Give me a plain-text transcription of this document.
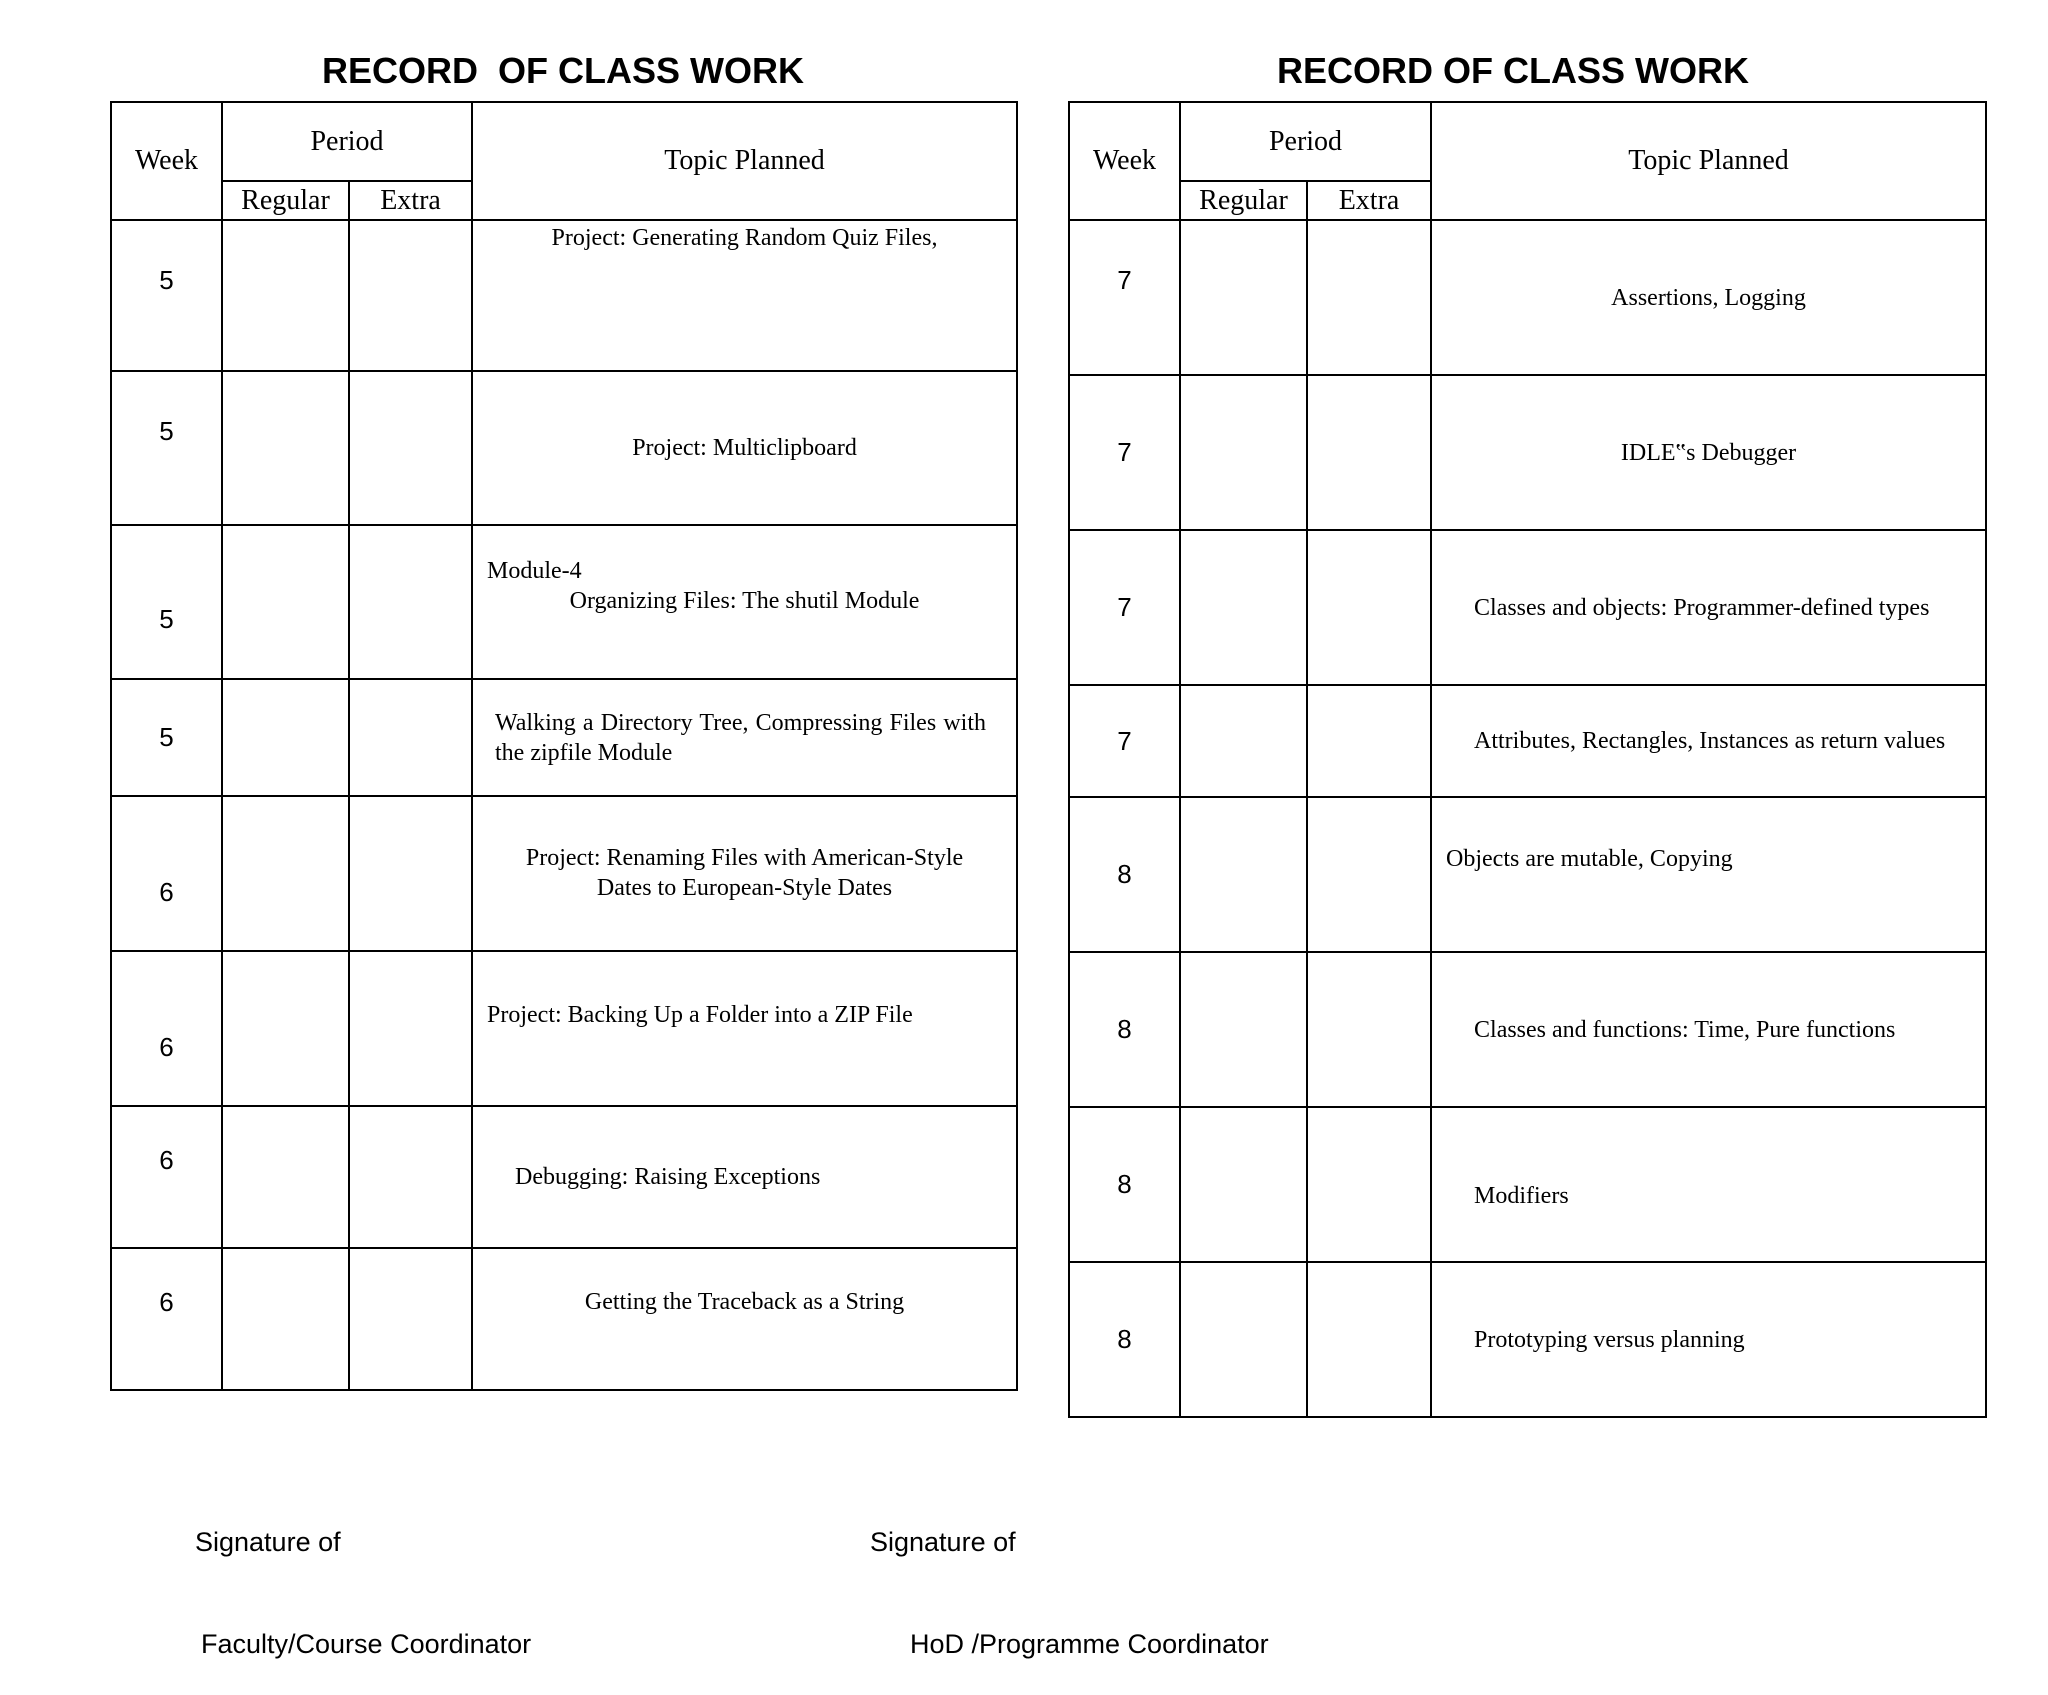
RECORD  OF CLASS WORK	RECORD OF CLASS WORK
Week	Period		Topic Planned
	Regular	Extra	
5			Project: Generating Random Quiz Files,
5			Project: Multiclipboard
5			Module-4
Organizing Files: The shutil Module

5			Walking a Directory Tree, Compressing Files with the zipfile Module
6			Project: Renaming Files with American-Style
Dates to European-Style Dates

6			Project: Backing Up a Folder into a ZIP File
6			Debugging: Raising Exceptions
6			Getting the Traceback as a String
Week	Period		Topic Planned
	Regular	Extra	
7			Assertions, Logging
7			IDLE‟s Debugger
7			Classes and objects: Programmer-defined types
7			Attributes, Rectangles, Instances as return values
8			Objects are mutable, Copying
8			Classes and functions: Time, Pure functions
8			Modifiers
8			Prototyping versus planning

Signature of

Faculty/Course Coordinator

Signature of

HoD /Programme Coordinator
